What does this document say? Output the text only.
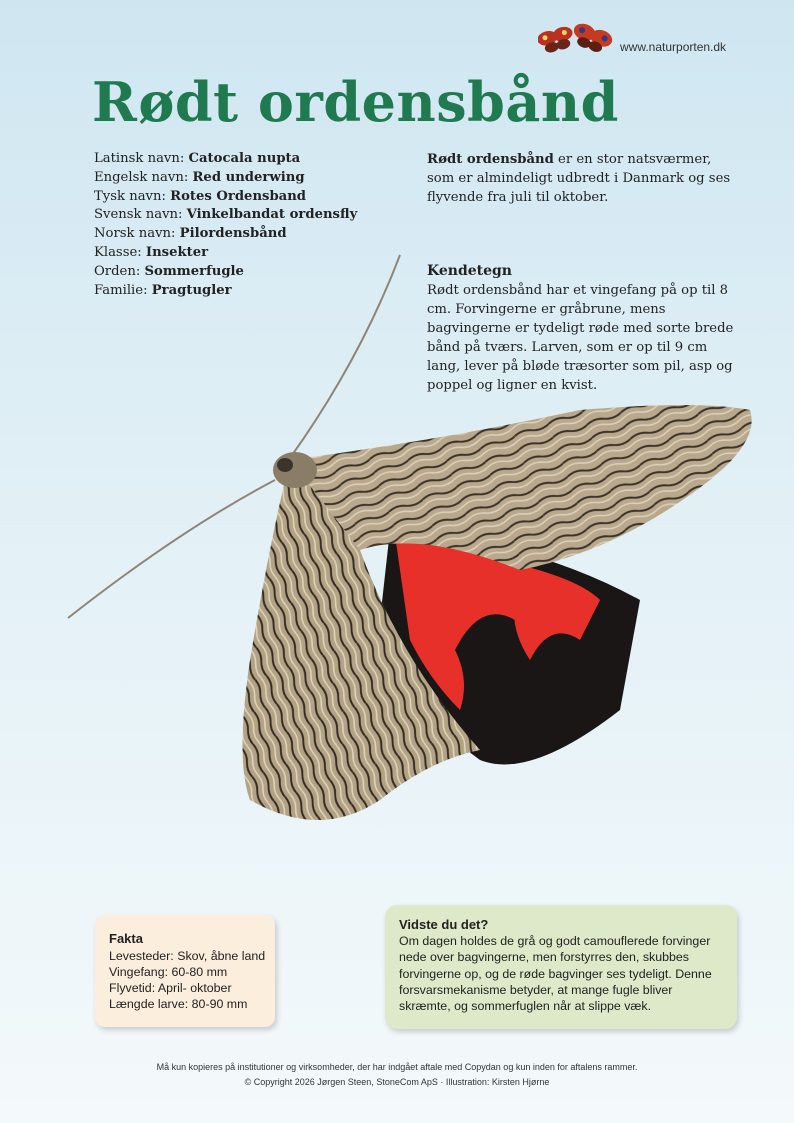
www.naturporten.dk
Rødt ordensbånd
Latinsk navn: Catocala nupta
Engelsk navn: Red underwing
Tysk navn: Rotes Ordensband
Svensk navn: Vinkelbandat ordensfly
Norsk navn: Pilordensbånd
Klasse: Insekter
Orden: Sommerfugle
Familie: Pragtugler
Rødt ordensbånd er en stor natsværmer, som er almindeligt udbredt i Danmark og ses flyvende fra juli til oktober.
Kendetegn
Rødt ordensbånd har et vingefang på op til 8 cm. Forvingerne er gråbrune, mens bagvingerne er tydeligt røde med sorte brede bånd på tværs. Larven, som er op til 9 cm lang, lever på bløde træsorter som pil, asp og poppel og ligner en kvist.
Fakta
Levesteder: Skov, åbne land
Vingefang: 60-80 mm
Flyvetid: April- oktober
Længde larve: 80-90 mm
Vidste du det?
Om dagen holdes de grå og godt camouflerede forvinger nede over bagvingerne, men forstyrres den, skubbes forvingerne op, og de røde bagvinger ses tydeligt. Denne forsvarsmekanisme betyder, at mange fugle bliver skræmte, og sommerfuglen når at slippe væk.
Må kun kopieres på institutioner og virksomheder, der har indgået aftale med Copydan og kun inden for aftalens rammer.
© Copyright 2026 Jørgen Steen, StoneCom ApS · Illustration: Kirsten Hjørne
